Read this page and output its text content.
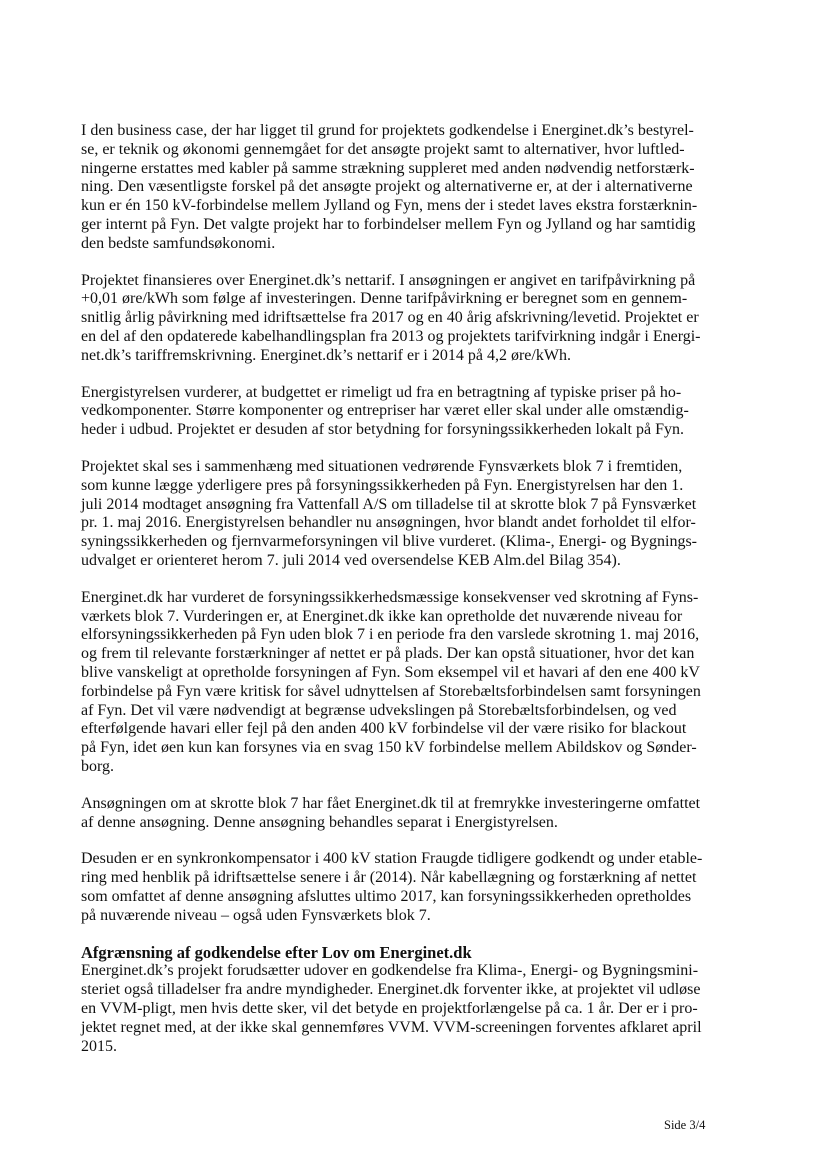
I den business case, der har ligget til grund for projektets godkendelse i Energinet.dk’s bestyrel-
se, er teknik og økonomi gennemgået for det ansøgte projekt samt to alternativer, hvor luftled-
ningerne erstattes med kabler på samme strækning suppleret med anden nødvendig netforstærk-
ning. Den væsentligste forskel på det ansøgte projekt og alternativerne er, at der i alternativerne
kun er én 150 kV-forbindelse mellem Jylland og Fyn, mens der i stedet laves ekstra forstærknin-
ger internt på Fyn. Det valgte projekt har to forbindelser mellem Fyn og Jylland og har samtidig
den bedste samfundsøkonomi.
Projektet finansieres over Energinet.dk’s nettarif. I ansøgningen er angivet en tarifpåvirkning på
+0,01 øre/kWh som følge af investeringen. Denne tarifpåvirkning er beregnet som en gennem-
snitlig årlig påvirkning med idriftsættelse fra 2017 og en 40 årig afskrivning/levetid. Projektet er
en del af den opdaterede kabelhandlingsplan fra 2013 og projektets tarifvirkning indgår i Energi-
net.dk’s tariffremskrivning. Energinet.dk’s nettarif er i 2014 på 4,2 øre/kWh.
Energistyrelsen vurderer, at budgettet er rimeligt ud fra en betragtning af typiske priser på ho-
vedkomponenter. Større komponenter og entrepriser har været eller skal under alle omstændig-
heder i udbud. Projektet er desuden af stor betydning for forsyningssikkerheden lokalt på Fyn.
Projektet skal ses i sammenhæng med situationen vedrørende Fynsværkets blok 7 i fremtiden,
som kunne lægge yderligere pres på forsyningssikkerheden på Fyn. Energistyrelsen har den 1.
juli 2014 modtaget ansøgning fra Vattenfall A/S om tilladelse til at skrotte blok 7 på Fynsværket
pr. 1. maj 2016. Energistyrelsen behandler nu ansøgningen, hvor blandt andet forholdet til elfor-
syningssikkerheden og fjernvarmeforsyningen vil blive vurderet. (Klima-, Energi- og Bygnings-
udvalget er orienteret herom 7. juli 2014 ved oversendelse KEB Alm.del Bilag 354).
Energinet.dk har vurderet de forsyningssikkerhedsmæssige konsekvenser ved skrotning af Fyns-
værkets blok 7. Vurderingen er, at Energinet.dk ikke kan opretholde det nuværende niveau for
elforsyningssikkerheden på Fyn uden blok 7 i en periode fra den varslede skrotning 1. maj 2016,
og frem til relevante forstærkninger af nettet er på plads. Der kan opstå situationer, hvor det kan
blive vanskeligt at opretholde forsyningen af Fyn. Som eksempel vil et havari af den ene 400 kV
forbindelse på Fyn være kritisk for såvel udnyttelsen af Storebæltsforbindelsen samt forsyningen
af Fyn. Det vil være nødvendigt at begrænse udvekslingen på Storebæltsforbindelsen, og ved
efterfølgende havari eller fejl på den anden 400 kV forbindelse vil der være risiko for blackout
på Fyn, idet øen kun kan forsynes via en svag 150 kV forbindelse mellem Abildskov og Sønder-
borg.
Ansøgningen om at skrotte blok 7 har fået Energinet.dk til at fremrykke investeringerne omfattet
af denne ansøgning. Denne ansøgning behandles separat i Energistyrelsen.
Desuden er en synkronkompensator i 400 kV station Fraugde tidligere godkendt og under etable-
ring med henblik på idriftsættelse senere i år (2014). Når kabellægning og forstærkning af nettet
som omfattet af denne ansøgning afsluttes ultimo 2017, kan forsyningssikkerheden opretholdes
på nuværende niveau – også uden Fynsværkets blok 7.
Afgrænsning af godkendelse efter Lov om Energinet.dk
Energinet.dk’s projekt forudsætter udover en godkendelse fra Klima-, Energi- og Bygningsmini-
steriet også tilladelser fra andre myndigheder. Energinet.dk forventer ikke, at projektet vil udløse
en VVM-pligt, men hvis dette sker, vil det betyde en projektforlængelse på ca. 1 år. Der er i pro-
jektet regnet med, at der ikke skal gennemføres VVM. VVM-screeningen forventes afklaret april
2015.
Side 3/4
